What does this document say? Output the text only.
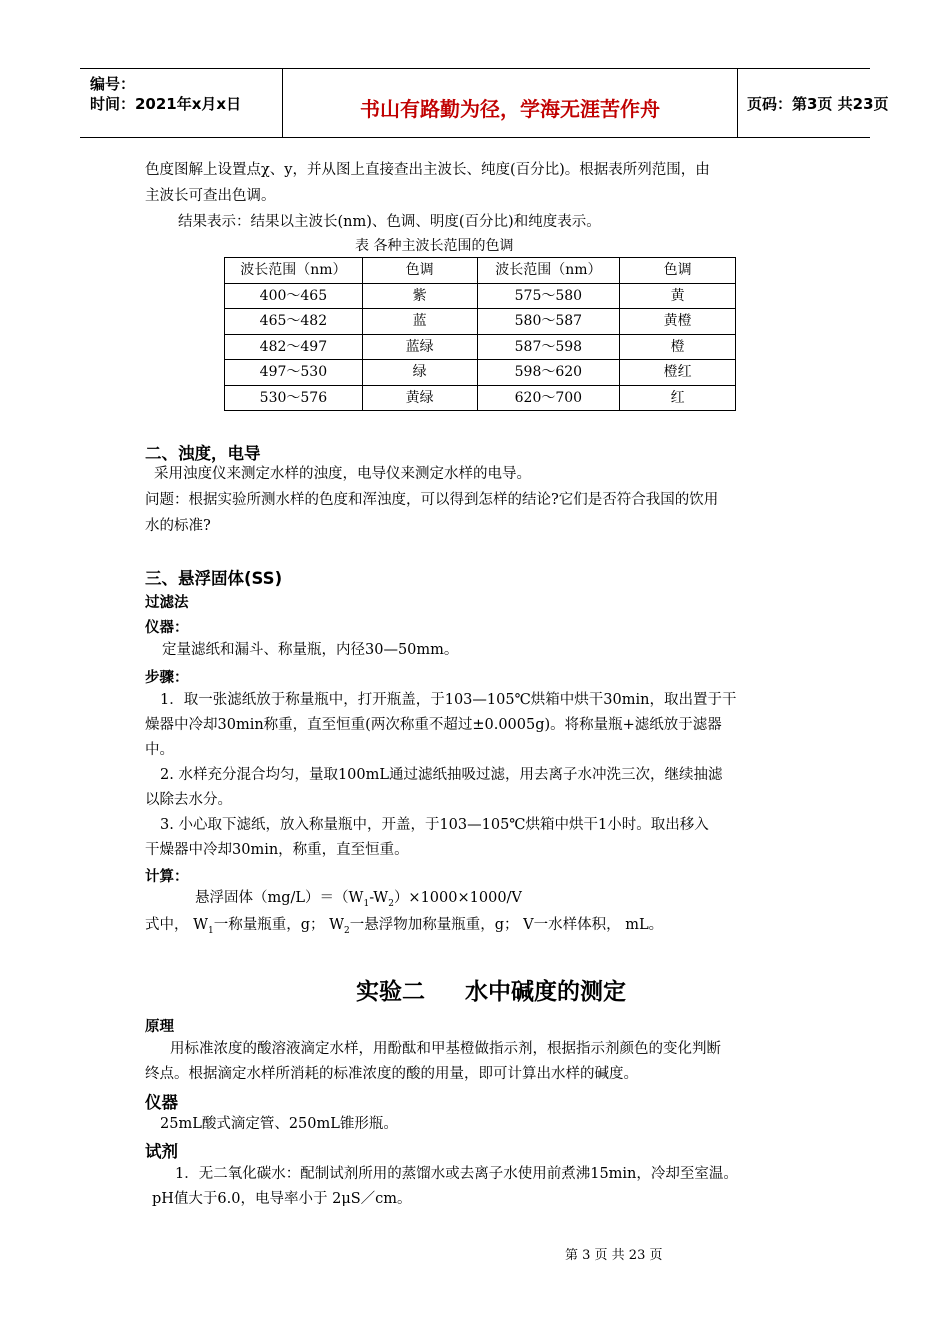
编号：
时间：2021年x月x日	书山有路勤为径，学海无涯苦作舟	页码：第3页 共23页
色度图解上设置点χ、y，并从图上直接查出主波长、纯度(百分比)。根据表所列范围，由
主波长可查出色调。
结果表示：结果以主波长(nm)、色调、明度(百分比)和纯度表示。
表 各种主波长范围的色调
波长范围（nm）	色调	波长范围（nm）	色调
400～465	紫	575～580	黄
465～482	蓝	580～587	黄橙
482～497	蓝绿	587～598	橙
497～530	绿	598～620	橙红
530～576	黄绿	620～700	红
二、浊度，电导
采用浊度仪来测定水样的浊度，电导仪来测定水样的电导。
问题：根据实验所测水样的色度和浑浊度，可以得到怎样的结论?它们是否符合我国的饮用
水的标准?
三、悬浮固体(SS)
过滤法
仪器：
定量滤纸和漏斗、称量瓶，内径30—50mm。
步骤：
1．取一张滤纸放于称量瓶中，打开瓶盖，于103—105℃烘箱中烘干30min，取出置于干
燥器中冷却30min称重，直至恒重(两次称重不超过±0.0005g)。将称量瓶+滤纸放于滤器
中。
2. 水样充分混合均匀，量取100mL通过滤纸抽吸过滤，用去离子水冲洗三次，继续抽滤
以除去水分。
3. 小心取下滤纸，放入称量瓶中，开盖，于103—105℃烘箱中烘干1小时。取出移入
干燥器中冷却30min，称重，直至恒重。
计算：
悬浮固体$(mg/L)=(W_1-W_2)\times 1000\times 1000/V$
式中， $W_1$一称量瓶重，g； $W_2$一悬浮物加称量瓶重，g； V一水样体积， mL。
实验二     水中碱度的测定
原理
用标准浓度的酸溶液滴定水样，用酚酞和甲基橙做指示剂，根据指示剂颜色的变化判断
终点。根据滴定水样所消耗的标准浓度的酸的用量，即可计算出水样的碱度。
仪器
25mL酸式滴定管、250mL锥形瓶。
试剂
1．无二氧化碳水：配制试剂所用的蒸馏水或去离子水使用前煮沸15min，冷却至室温。
pH值大于6.0，电导率小于 2μS／cm。
第 3 页 共 23 页
